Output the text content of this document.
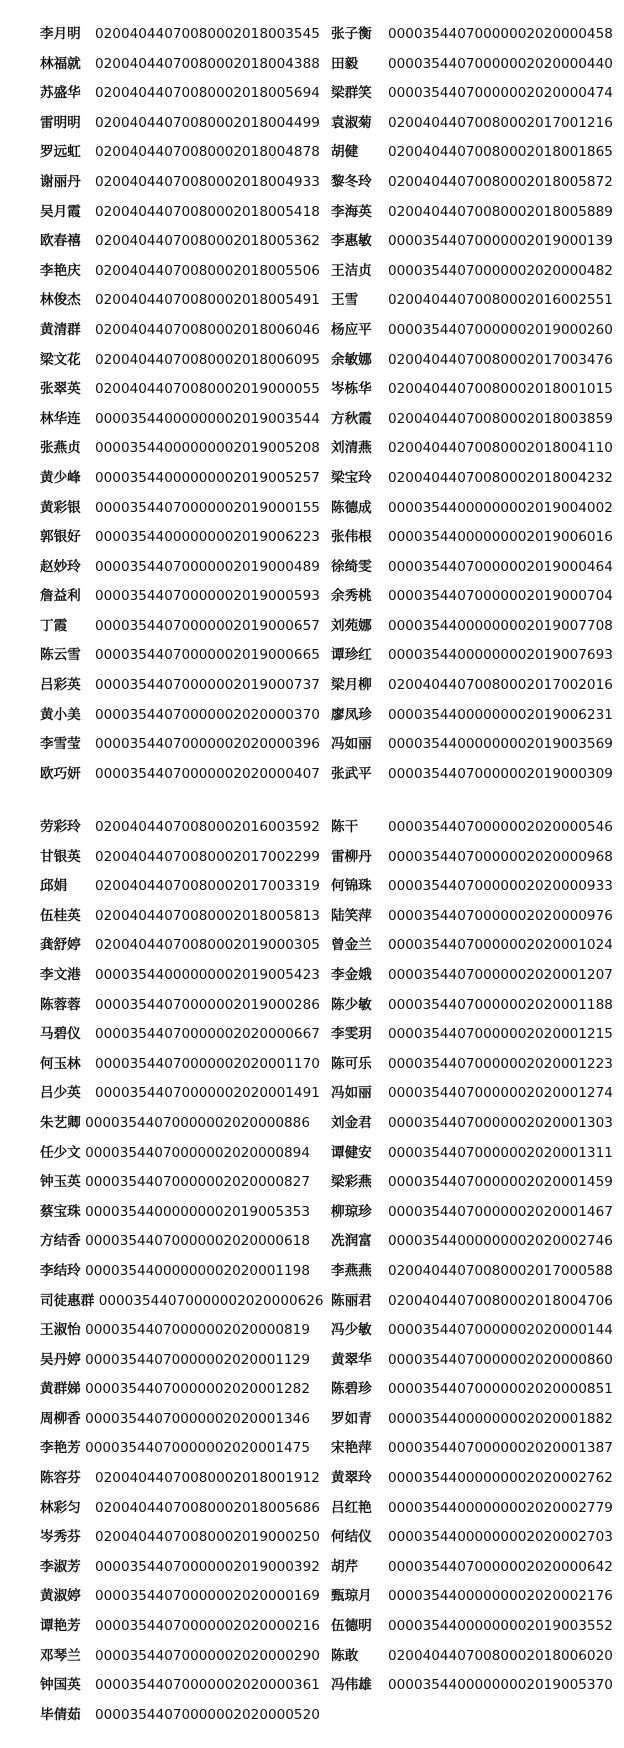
李月明 02004044070080002018003545 张子衡 00003544070000002020000458
林福就 02004044070080002018004388 田毅 00003544070000002020000440
苏盛华 02004044070080002018005694 梁群笑 00003544070000002020000474
雷明明 02004044070080002018004499 袁淑菊 02004044070080002017001216
罗远虹 02004044070080002018004878 胡健 02004044070080002018001865
谢丽丹 02004044070080002018004933 黎冬玲 02004044070080002018005872
吴月霞 02004044070080002018005418 李海英 02004044070080002018005889
欧春禧 02004044070080002018005362 李惠敏 00003544070000002019000139
李艳庆 02004044070080002018005506 王洁贞 00003544070000002020000482
林俊杰 02004044070080002018005491 王雪 02004044070080002016002551
黄清群 02004044070080002018006046 杨应平 00003544070000002019000260
梁文花 02004044070080002018006095 余敏娜 02004044070080002017003476
张翠英 02004044070080002019000055 岑栋华 02004044070080002018001015
林华连 00003544000000002019003544 方秋霞 02004044070080002018003859
张燕贞 00003544000000002019005208 刘清燕 02004044070080002018004110
黄少峰 00003544000000002019005257 梁宝玲 02004044070080002018004232
黄彩银 00003544070000002019000155 陈德成 00003544000000002019004002
郭银好 00003544000000002019006223 张伟根 00003544000000002019006016
赵妙玲 00003544070000002019000489 徐绮雯 00003544070000002019000464
詹益利 00003544070000002019000593 余秀桃 00003544070000002019000704
丁霞 00003544070000002019000657 刘苑娜 00003544000000002019007708
陈云雪 00003544070000002019000665 谭珍红 00003544000000002019007693
吕彩英 00003544070000002019000737 梁月柳 02004044070080002017002016
黄小美 00003544070000002020000370 廖凤珍 00003544000000002019006231
李雪莹 00003544070000002020000396 冯如丽 00003544000000002019003569
欧巧妍 00003544070000002020000407 张武平 00003544070000002019000309
劳彩玲 02004044070080002016003592 陈干 00003544070000002020000546
甘银英 02004044070080002017002299 雷柳丹 00003544070000002020000968
邱娟 02004044070080002017003319 何锦珠 00003544070000002020000933
伍桂英 02004044070080002018005813 陆笑萍 00003544070000002020000976
龚舒婷 02004044070080002019000305 曾金兰 00003544070000002020001024
李文港 00003544000000002019005423 李金娥 00003544070000002020001207
陈蓉蓉 00003544070000002019000286 陈少敏 00003544070000002020001188
马碧仪 00003544070000002020000667 李雯玥 00003544070000002020001215
何玉林 00003544070000002020001170 陈可乐 00003544070000002020001223
吕少英 00003544070000002020001491 冯如丽 00003544070000002020001274
朱艺卿 00003544070000002020000886 刘金君 00003544070000002020001303
任少文 00003544070000002020000894 谭健安 00003544070000002020001311
钟玉英 00003544070000002020000827 梁彩燕 00003544070000002020001459
蔡宝珠 00003544000000002019005353 柳琼珍 00003544070000002020001467
方结香 00003544070000002020000618 冼润富 00003544000000002020002746
李结玲 00003544000000002020001198 李燕燕 02004044070080002017000588
司徒惠群 00003544070000002020000626 陈丽君 02004044070080002018004706
王淑怡 00003544070000002020000819 冯少敏 00003544070000002020000144
吴丹婷 00003544070000002020001129 黄翠华 00003544070000002020000860
黄群娣 00003544070000002020001282 陈碧珍 00003544070000002020000851
周柳香 00003544070000002020001346 罗如青 00003544000000002020001882
李艳芳 00003544070000002020001475 宋艳萍 00003544070000002020001387
陈容芬 02004044070080002018001912 黄翠玲 00003544000000002020002762
林彩匀 02004044070080002018005686 吕红艳 00003544000000002020002779
岑秀芬 02004044070080002019000250 何结仪 00003544000000002020002703
李淑芳 00003544070000002019000392 胡芹 00003544070000002020000642
黄淑婷 00003544070000002020000169 甄琼月 00003544000000002020002176
谭艳芳 00003544070000002020000216 伍德明 00003544000000002019003552
邓琴兰 00003544070000002020000290 陈敢 02004044070080002018006020
钟国英 00003544070000002020000361 冯伟雄 00003544000000002019005370
毕倩茹 00003544070000002020000520
